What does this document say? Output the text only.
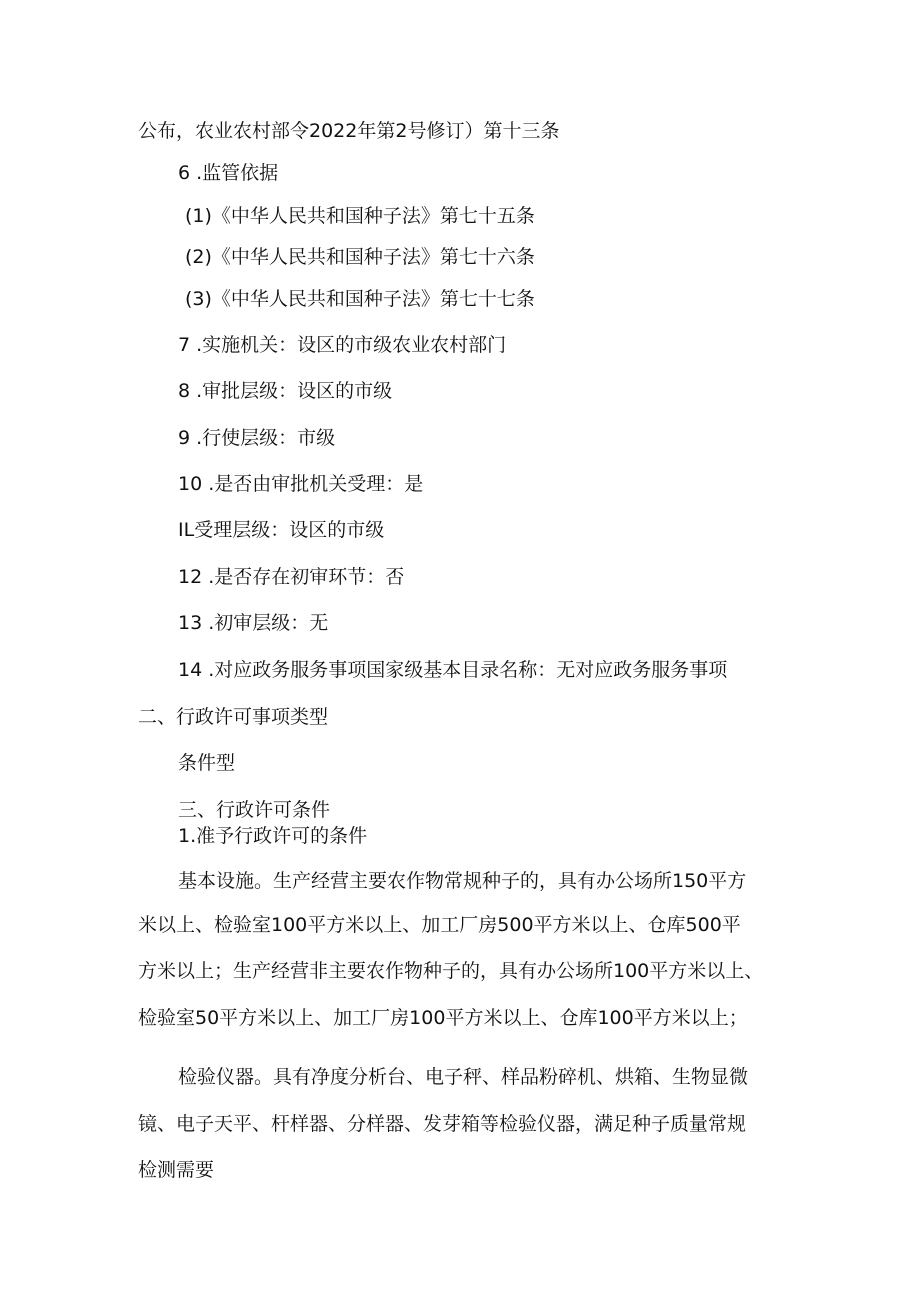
公布，农业农村部令2022年第2号修订）第十三条

6 .监管依据

(1)《中华人民共和国种子法》第七十五条

(2)《中华人民共和国种子法》第七十六条

(3)《中华人民共和国种子法》第七十七条

7 .实施机关：设区的市级农业农村部门

8 .审批层级：设区的市级

9 .行使层级：市级

10 .是否由审批机关受理：是

IL受理层级：设区的市级

12 .是否存在初审环节：否

13 .初审层级：无

14 .对应政务服务事项国家级基本目录名称：无对应政务服务事项

二、行政许可事项类型

条件型

三、行政许可条件

1.准予行政许可的条件

基本设施。生产经营主要农作物常规种子的，具有办公场所150平方

米以上、检验室100平方米以上、加工厂房500平方米以上、仓库500平

方米以上；生产经营非主要农作物种子的，具有办公场所100平方米以上、

检验室50平方米以上、加工厂房100平方米以上、仓库100平方米以上；

检验仪器。具有净度分析台、电子秤、样品粉碎机、烘箱、生物显微

镜、电子天平、杆样器、分样器、发芽箱等检验仪器，满足种子质量常规

检测需要
